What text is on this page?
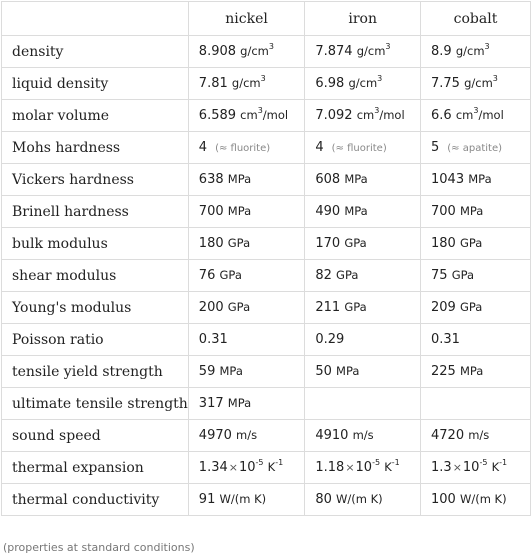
	nickel	iron	cobalt
density	8.908 $g/cm^3$	7.874 $g/cm^3$	8.9 $g/cm^3$
liquid density	7.81 $g/cm^3$	6.98 $g/cm^3$	7.75 $g/cm^3$
molar volume	6.589 $cm^3$/mol	7.092 $cm^3$/mol	6.6 $cm^3$/mol
Mohs hardness	4 (≈ fluorite)	4 (≈ fluorite)	5 (≈ apatite)
Vickers hardness	638 MPa	608 MPa	1043 MPa
Brinell hardness	700 MPa	490 MPa	700 MPa
bulk modulus	180 GPa	170 GPa	180 GPa
shear modulus	76 GPa	82 GPa	75 GPa
Young's modulus	200 GPa	211 GPa	209 GPa
Poisson ratio	0.31	0.29	0.31
tensile yield strength	59 MPa	50 MPa	225 MPa
ultimate tensile strength	317 MPa		
sound speed	4970 m/s	4910 m/s	4720 m/s
thermal expansion	$1.34\times 10^{-5}$ $K^{-1}$	$1.18\times 10^{-5}$ $K^{-1}$	$1.3\times 10^{-5}$ $K^{-1}$
thermal conductivity	91 W/(m K)	80 W/(m K)	100 W/(m K)
(properties at standard conditions)
